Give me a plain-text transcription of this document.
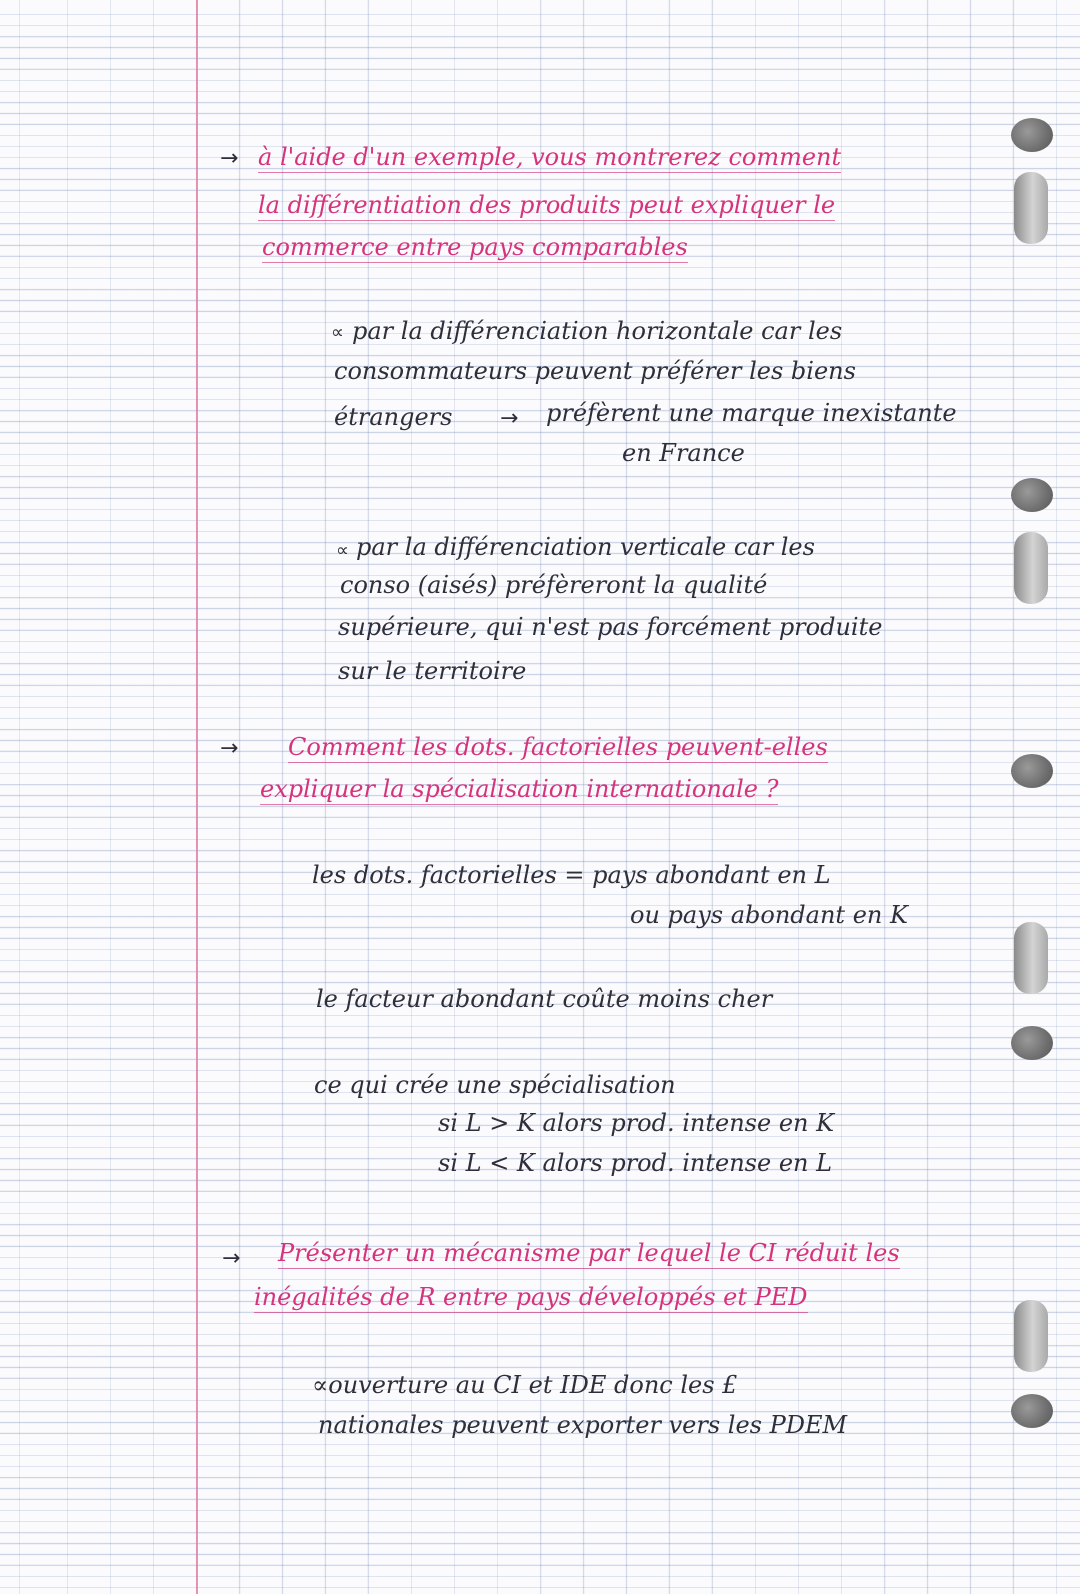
→ à l'aide d'un exemple, vous montrerez comment
la différentiation des produits peut expliquer le
commerce entre pays comparables
∝ par la différenciation horizontale car les
consommateurs peuvent préférer les biens
étrangers → préfèrent une marque inexistante
en France
∝ par la différenciation verticale car les
conso (aisés) préfèreront la qualité
supérieure, qui n'est pas forcément produite
sur le territoire
→ Comment les dots. factorielles peuvent-elles
expliquer la spécialisation internationale ?
les dots. factorielles = pays abondant en L
ou pays abondant en K
le facteur abondant coûte moins cher
ce qui crée une spécialisation
si L > K alors prod. intense en K
si L < K alors prod. intense en L
→ Présenter un mécanisme par lequel le CI réduit les
inégalités de R entre pays développés et PED
∝ouverture au CI et IDE donc les £
nationales peuvent exporter vers les PDEM
